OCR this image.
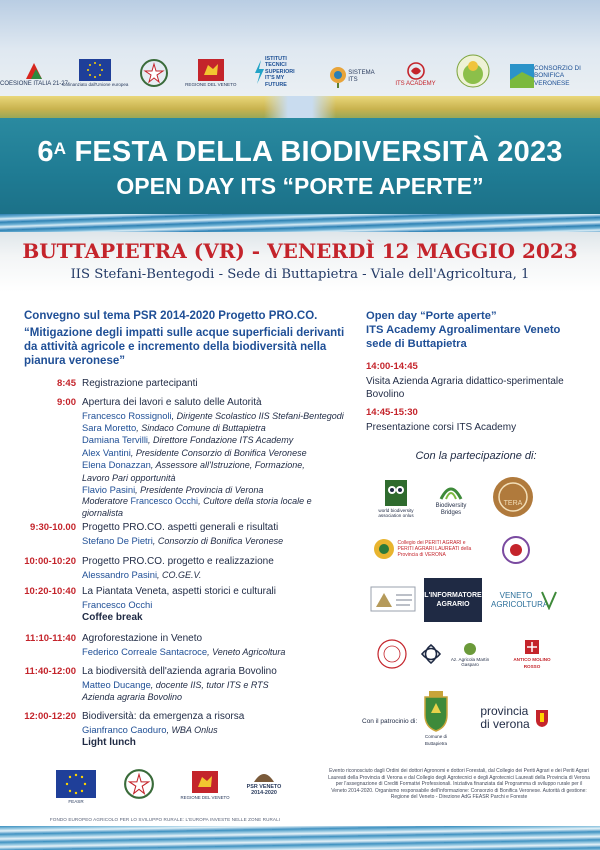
COESIONE ITALIA 21-27
Cofinanziato dall'Unione europea	REGIONE DEL VENETO
ISTITUTI TECNICI SUPERIORI IT'S MY FUTURE
SISTEMA ITS
ITS ACADEMY
CONSORZIO DI BONIFICA VERONESE
$6^A$ FESTA DELLA BIODIVERSITÀ 2023
OPEN DAY ITS “PORTE APERTE”
BUTTAPIETRA (VR) - VENERDÌ 12 MAGGIO 2023
IIS Stefani-Bentegodi - Sede di Buttapietra - Viale dell'Agricoltura, 1
Convegno sul tema PSR 2014-2020 Progetto PRO.CO.
“Mitigazione degli impatti sulle acque superficiali derivanti da attività agricole e incremento della biodiversità nella pianura veronese”
8:45 Registrazione partecipanti
9:00 Apertura dei lavori e saluto delle Autorità
Francesco Rossignoli, Dirigente Scolastico IIS Stefani-Bentegodi
Sara Moretto, Sindaco Comune di Buttapietra
Damiana Tervilli, Direttore Fondazione ITS Academy
Alex Vantini, Presidente Consorzio di Bonifica Veronese
Elena Donazzan, Assessore all'Istruzione, Formazione, Lavoro Pari opportunità
Flavio Pasini, Presidente Provincia di Verona
Moderatore Francesco Occhi, Cultore della storia locale e giornalista
9:30-10.00 Progetto PRO.CO. aspetti generali e risultati
Stefano De Pietri, Consorzio di Bonifica Veronese
10:00-10:20 Progetto PRO.CO. progetto e realizzazione
Alessandro Pasini, CO.GE.V.
10:20-10:40 La Piantata Veneta, aspetti storici e culturali
Francesco Occhi
Coffee break
11:10-11:40 Agroforestazione in Veneto
Federico Correale Santacroce, Veneto Agricoltura
11:40-12:00 La biodiversità dell'azienda agraria Bovolino
Matteo Ducange, docente IIS, tutor ITS e RTS Azienda agraria Bovolino
12:00-12:20 Biodiversità: da emergenza a risorsa
Gianfranco Caoduro, WBA Onlus
Light lunch
Open day “Porte aperte”
ITS Academy Agroalimentare Veneto
sede di Buttapietra
14:00-14:45
Visita Azienda Agraria didattico-sperimentale Bovolino
14:45-15:30
Presentazione corsi ITS Academy
Con la partecipazione di:
world biodiversity association onlus
Biodiversity Bridges
TERA
Collegio dei PERITI AGRARI e PERITI AGRARI LAUREATI della Provincia di VERONA
L'INFORMATORE AGRARIO
VENETO AGRICOLTURA
Az. Agricola Martin Gasparo
ANTICO MOLINO ROSSO
Con il patrocinio di:
Comune di Buttapietra
provincia
di verona
FEASR
REGIONE DEL VENETO
PSR VENETO 2014-2020
FONDO EUROPEO AGRICOLO PER LO SVILUPPO RURALE: L'EUROPA INVESTE NELLE ZONE RURALI
Evento riconosciuto dagli Ordini dei dottori Agronomi e dottori Forestali, dal Collegio dei Periti Agrari e dei Periti Agrari Laureati della Provincia di Verona e dal Collegio degli Agrotecnici e degli Agrotecnici Laureati della Provincia di Verona per l'assegnazione di Crediti Formativi Professionali. Iniziativa finanziata dal Programma di sviluppo rurale per il Veneto 2014-2020. Organismo responsabile dell'informazione: Consorzio di Bonifica Veronese. Autorità di gestione: Regione del Veneto - Direzione AdG FEASR Parchi e Foreste
